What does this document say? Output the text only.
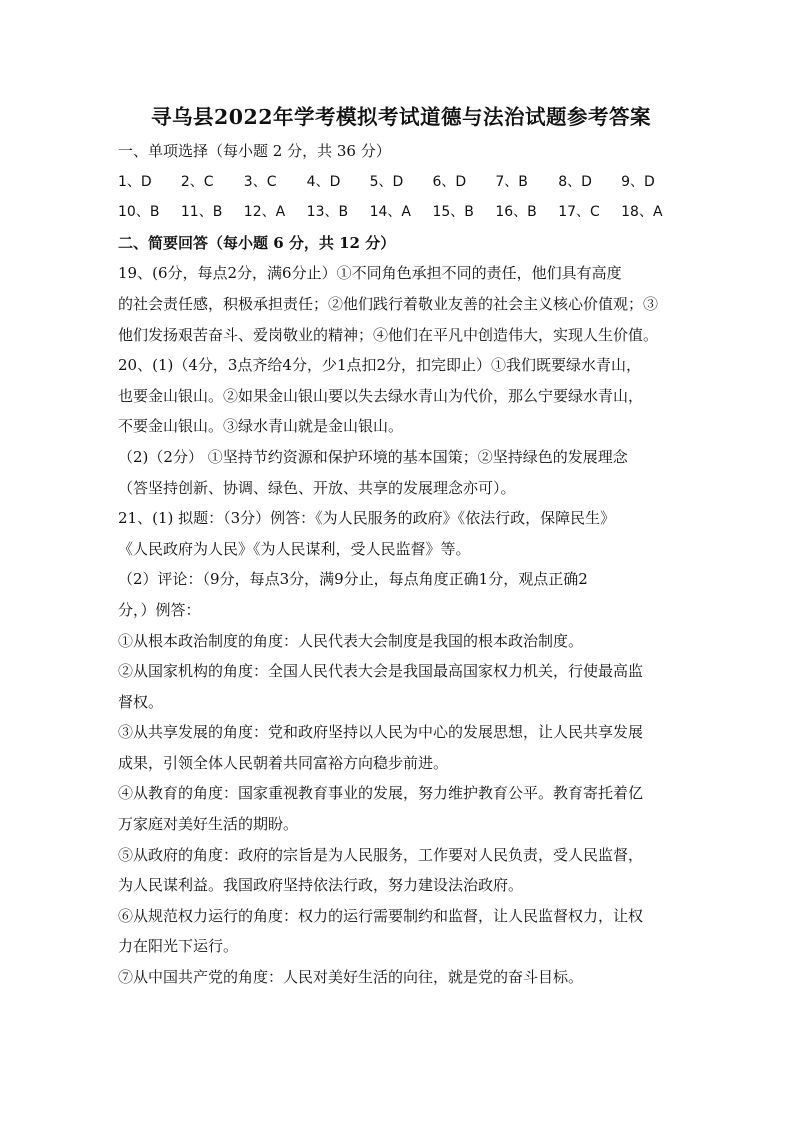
寻乌县2022年学考模拟考试道德与法治试题参考答案

一、单项选择（每小题 2 分，共 36 分）

1、D	2、C	3、C	4、D	5、D	6、D	7、B	8、D	9、D
10、B	11、B	12、A	13、B	14、A	15、B	16、B	17、C	18、A

二、简要回答（每小题 6 分，共 12 分）

19、(6分，每点2分，满6分止）①不同角色承担不同的责任，他们具有高度

的社会责任感，积极承担责任；②他们践行着敬业友善的社会主义核心价值观；③

他们发扬艰苦奋斗、爱岗敬业的精神；④他们在平凡中创造伟大，实现人生价值。

20、(1)（4分，3点齐给4分，少1点扣2分，扣完即止）①我们既要绿水青山，

也要金山银山。②如果金山银山要以失去绿水青山为代价，那么宁要绿水青山，

不要金山银山。③绿水青山就是金山银山。

（2)（2分） ①坚持节约资源和保护环境的基本国策；②坚持绿色的发展理念

（答坚持创新、协调、绿色、开放、共享的发展理念亦可）。

21、(1) 拟题：（3分）例答：《为人民服务的政府》《依法行政，保障民生》

《人民政府为人民》《为人民谋利，受人民监督》等。

（2）评论：（9分，每点3分，满9分止，每点角度正确1分，观点正确2

分，）例答：

①从根本政治制度的角度：人民代表大会制度是我国的根本政治制度。

②从国家机构的角度：全国人民代表大会是我国最高国家权力机关，行使最高监

督权。

③从共享发展的角度：党和政府坚持以人民为中心的发展思想，让人民共享发展

成果，引领全体人民朝着共同富裕方向稳步前进。

④从教育的角度：国家重视教育事业的发展，努力维护教育公平。教育寄托着亿

万家庭对美好生活的期盼。

⑤从政府的角度：政府的宗旨是为人民服务，工作要对人民负责，受人民监督，

为人民谋利益。我国政府坚持依法行政，努力建设法治政府。

⑥从规范权力运行的角度：权力的运行需要制约和监督，让人民监督权力，让权

力在阳光下运行。

⑦从中国共产党的角度：人民对美好生活的向往，就是党的奋斗目标。
